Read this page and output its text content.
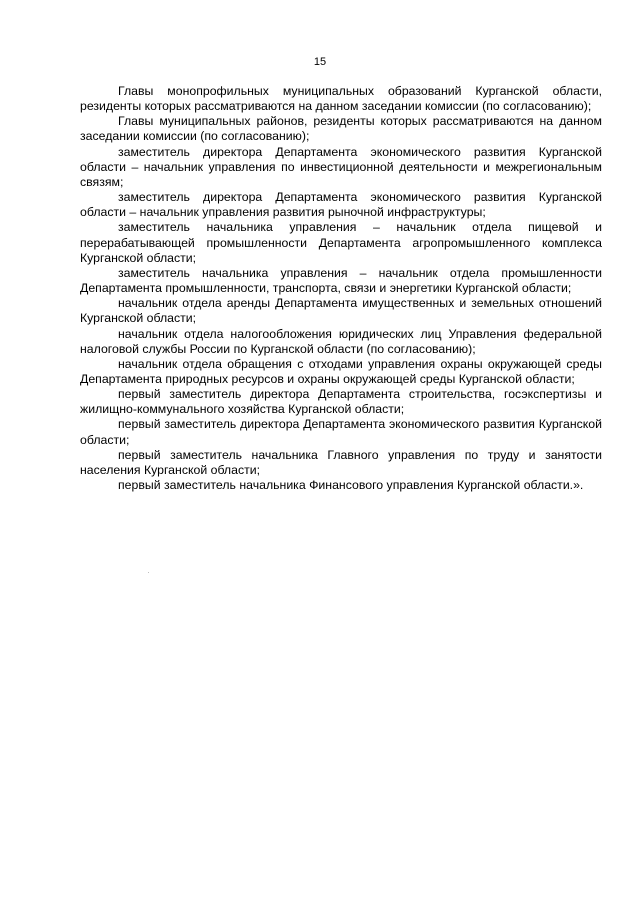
15

Главы монопрофильных муниципальных образований Курганской области, резиденты которых рассматриваются на данном заседании комиссии (по согласованию);

Главы муниципальных районов, резиденты которых рассматриваются на данном заседании комиссии (по согласованию);

заместитель директора Департамента экономического развития Курганской области – начальник управления по инвестиционной деятельности и межрегиональным связям;

заместитель директора Департамента экономического развития Курганской области – начальник управления развития рыночной инфраструктуры;

заместитель начальника управления – начальник отдела пищевой и перерабатывающей промышленности Департамента агропромышленного комплекса Курганской области;

заместитель начальника управления – начальник отдела промышленности Департамента промышленности, транспорта, связи и энергетики Курганской области;

начальник отдела аренды Департамента имущественных и земельных отношений Курганской области;

начальник отдела налогообложения юридических лиц Управления федеральной налоговой службы России по Курганской области (по согласованию);

начальник отдела обращения с отходами управления охраны окружающей среды Департамента природных ресурсов и охраны окружающей среды Курганской области;

первый заместитель директора Департамента строительства, госэкспертизы и жилищно-коммунального хозяйства Курганской области;

первый заместитель директора Департамента экономического развития Курганской области;

первый заместитель начальника Главного управления по труду и занятости населения Курганской области;

первый заместитель начальника Финансового управления Курганской области.».
